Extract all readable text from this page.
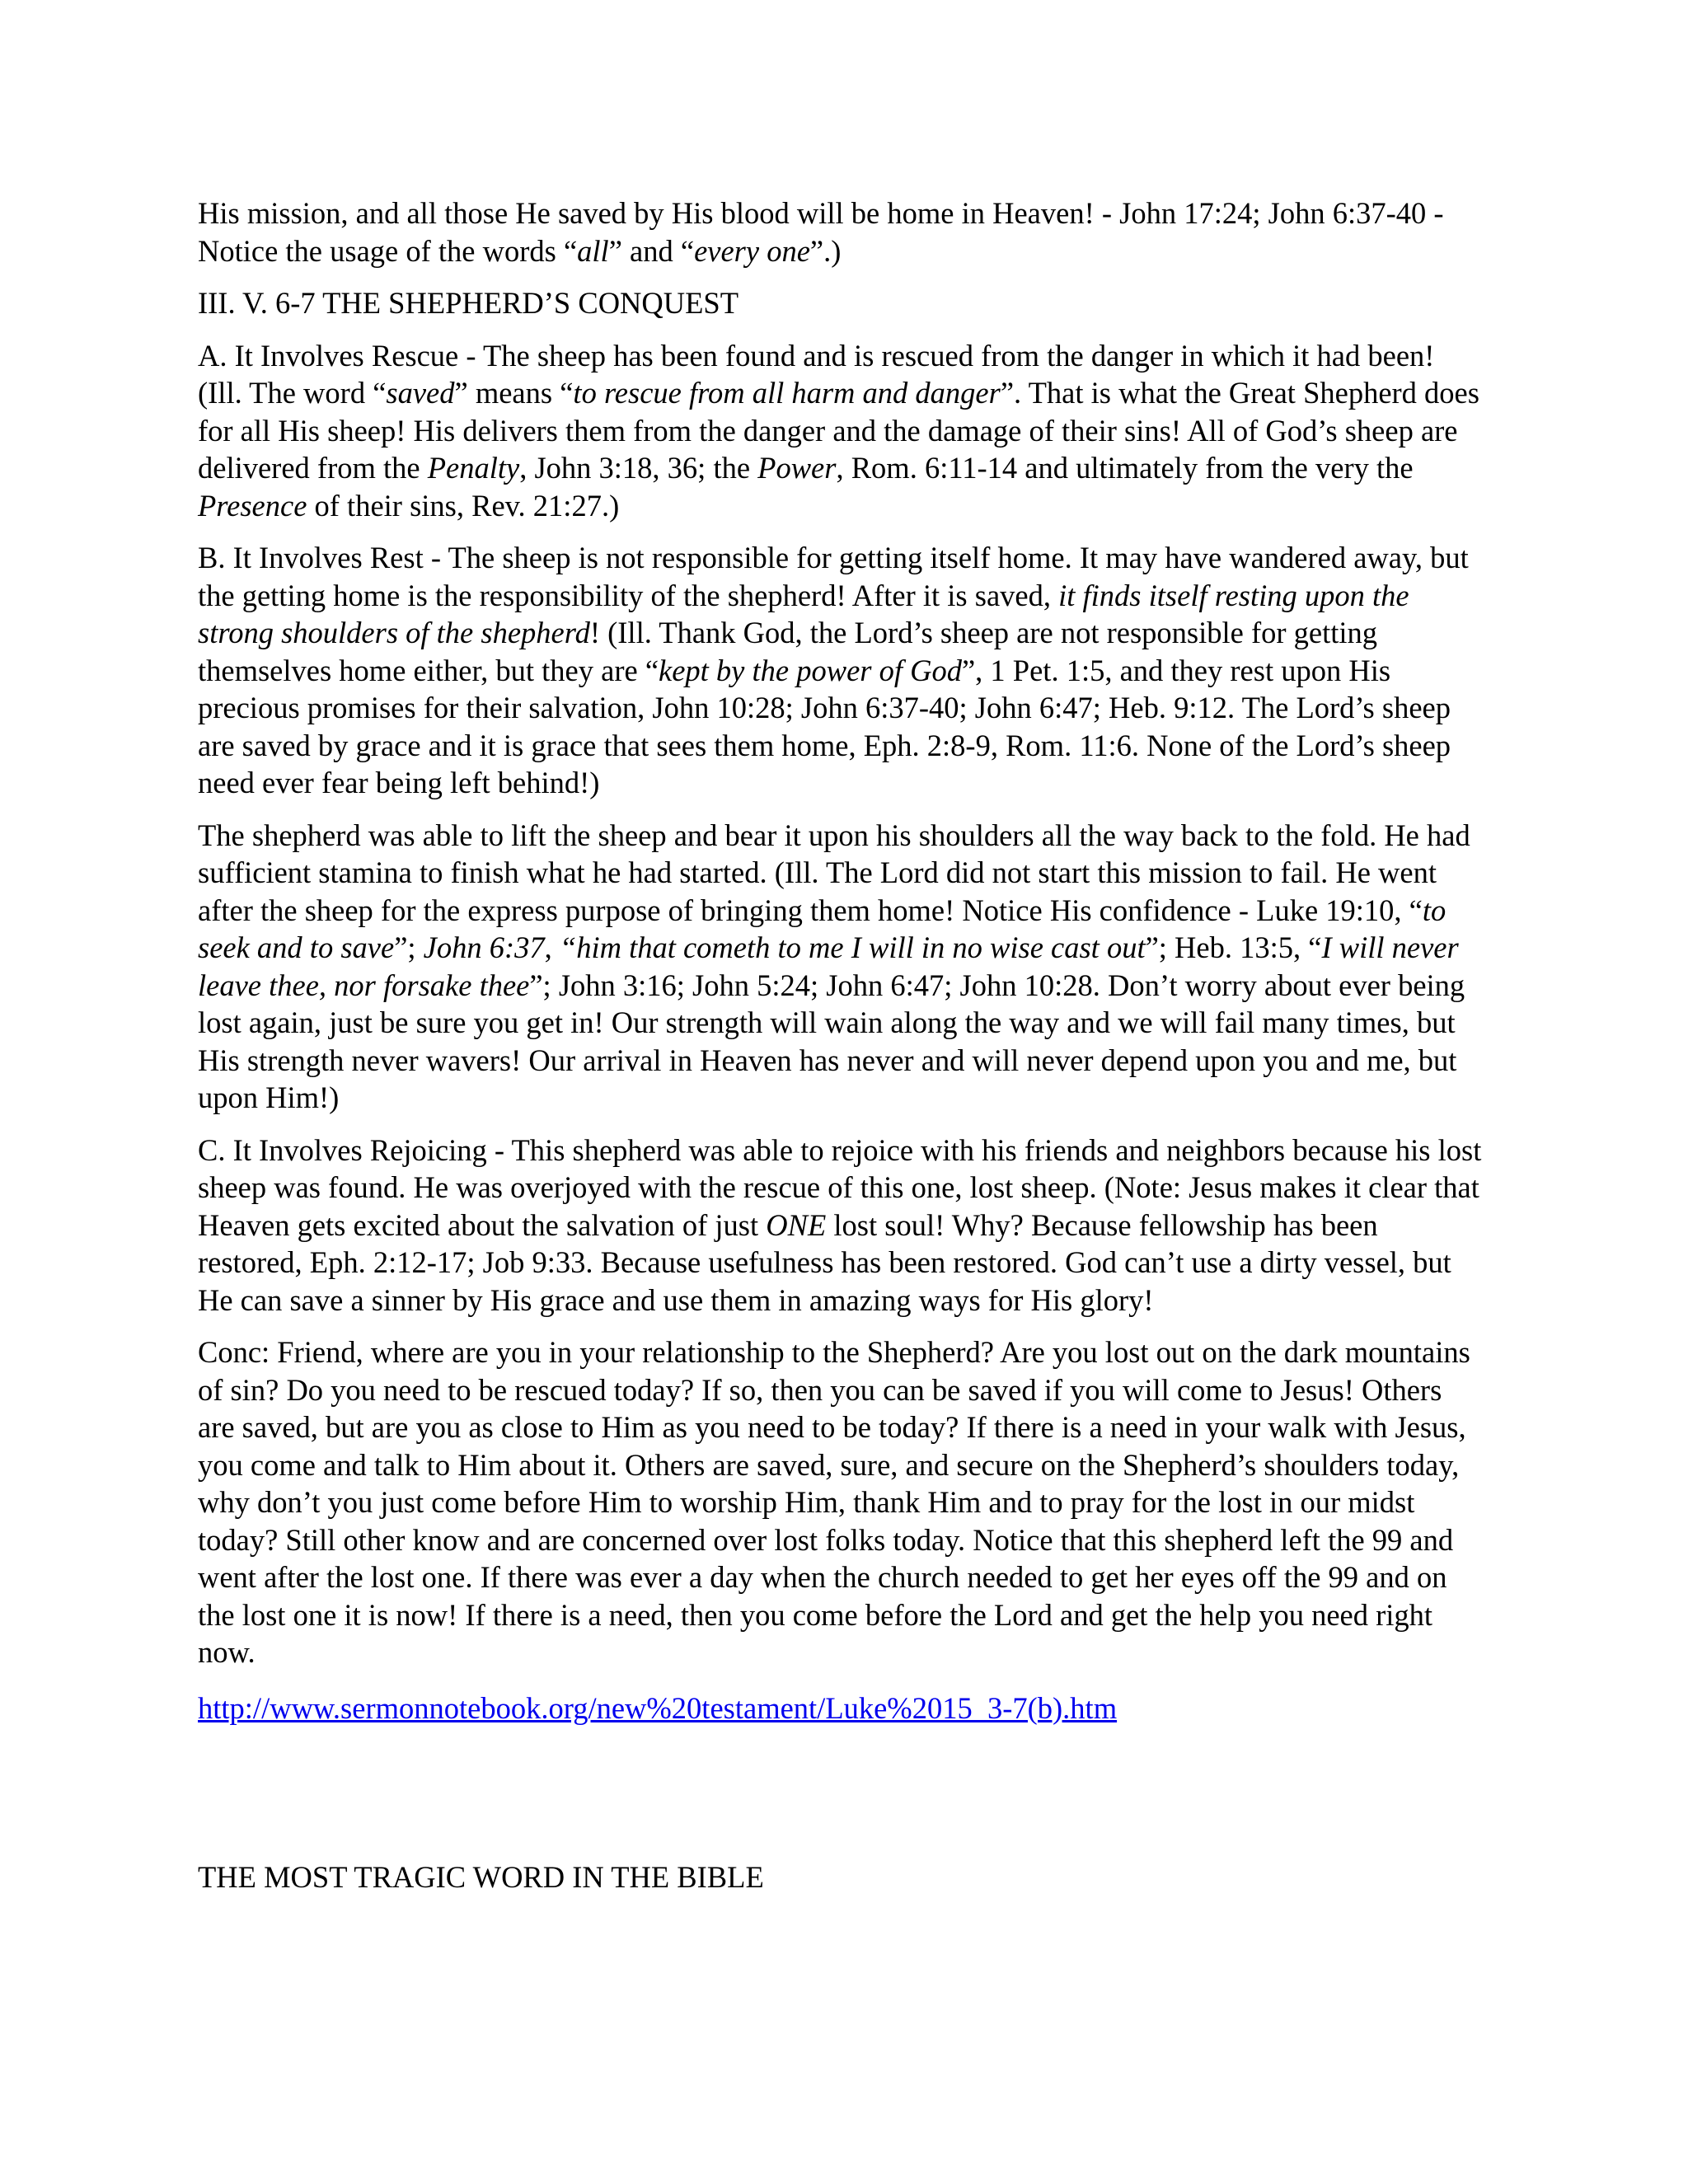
His mission, and all those He saved by His blood will be home in Heaven! - John 17:24; John 6:37-40 - Notice the usage of the words “all” and “every one”.)
III. V. 6-7 THE SHEPHERD’S CONQUEST
A. It Involves Rescue - The sheep has been found and is rescued from the danger in which it had been! (Ill. The word “saved” means “to rescue from all harm and danger”. That is what the Great Shepherd does for all His sheep! His delivers them from the danger and the damage of their sins! All of God’s sheep are delivered from the Penalty, John 3:18, 36; the Power, Rom. 6:11-14 and ultimately from the very the Presence of their sins, Rev. 21:27.)
B. It Involves Rest - The sheep is not responsible for getting itself home. It may have wandered away, but the getting home is the responsibility of the shepherd! After it is saved, it finds itself resting upon the strong shoulders of the shepherd! (Ill. Thank God, the Lord’s sheep are not responsible for getting themselves home either, but they are “kept by the power of God”, 1 Pet. 1:5, and they rest upon His precious promises for their salvation, John 10:28; John 6:37-40; John 6:47; Heb. 9:12. The Lord’s sheep are saved by grace and it is grace that sees them home, Eph. 2:8-9, Rom. 11:6. None of the Lord’s sheep need ever fear being left behind!)
The shepherd was able to lift the sheep and bear it upon his shoulders all the way back to the fold. He had sufficient stamina to finish what he had started. (Ill. The Lord did not start this mission to fail. He went after the sheep for the express purpose of bringing them home! Notice His confidence - Luke 19:10, “to seek and to save”; John 6:37, “him that cometh to me I will in no wise cast out”; Heb. 13:5, “I will never leave thee, nor forsake thee”; John 3:16; John 5:24; John 6:47; John 10:28. Don’t worry about ever being lost again, just be sure you get in! Our strength will wain along the way and we will fail many times, but His strength never wavers! Our arrival in Heaven has never and will never depend upon you and me, but upon Him!)
C. It Involves Rejoicing - This shepherd was able to rejoice with his friends and neighbors because his lost sheep was found. He was overjoyed with the rescue of this one, lost sheep. (Note: Jesus makes it clear that Heaven gets excited about the salvation of just ONE lost soul! Why? Because fellowship has been restored, Eph. 2:12-17; Job 9:33. Because usefulness has been restored. God can’t use a dirty vessel, but He can save a sinner by His grace and use them in amazing ways for His glory!
Conc: Friend, where are you in your relationship to the Shepherd? Are you lost out on the dark mountains of sin? Do you need to be rescued today? If so, then you can be saved if you will come to Jesus! Others are saved, but are you as close to Him as you need to be today? If there is a need in your walk with Jesus, you come and talk to Him about it. Others are saved, sure, and secure on the Shepherd’s shoulders today, why don’t you just come before Him to worship Him, thank Him and to pray for the lost in our midst today? Still other know and are concerned over lost folks today. Notice that this shepherd left the 99 and went after the lost one. If there was ever a day when the church needed to get her eyes off the 99 and on the lost one it is now! If there is a need, then you come before the Lord and get the help you need right now.
http://www.sermonnotebook.org/new%20testament/Luke%2015_3-7(b).htm
THE MOST TRAGIC WORD IN THE BIBLE
